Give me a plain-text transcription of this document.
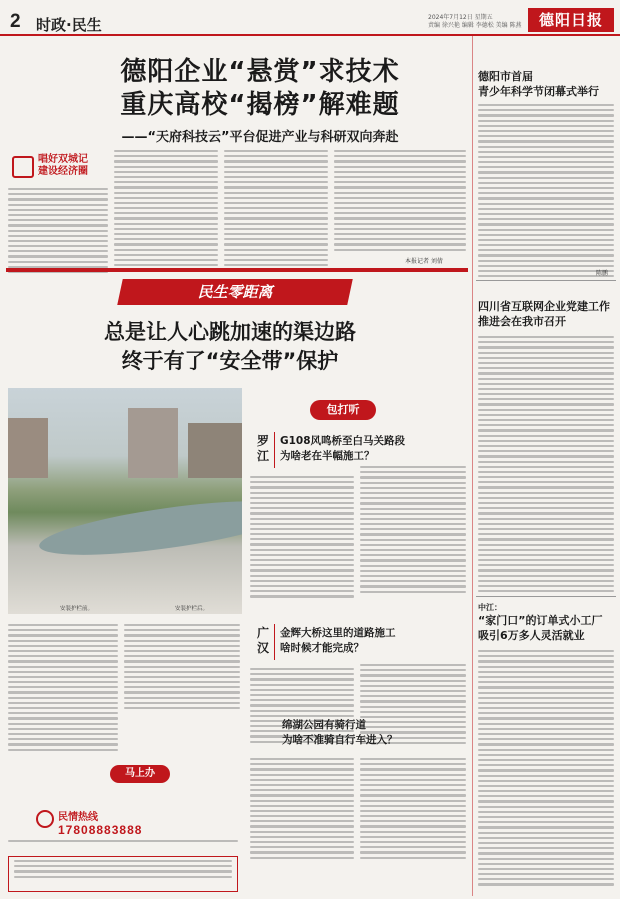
2 时政·民生	2024年7月12日 星期五
责编 徐兴艳 编辑 李德松 美编 陈燕	德阳日报
德阳企业“悬赏”求技术
重庆高校“揭榜”解难题
——“天府科技云”平台促进产业与科研双向奔赴
唱好双城记
建设经济圈
本报记者 刘倩
民生零距离
总是让人心跳加速的渠边路
终于有了“安全带”保护
安装护栏前。	安装护栏后。
马上办
民情热线
17808883888
包打听
罗江
G108风鸣桥至白马关路段
为啥老在半幅施工？
广汉
金辉大桥这里的道路施工
啥时候才能完成？
绵湖公园有骑行道
为啥不准骑自行车进入？
德阳市首届
青少年科学节闭幕式举行
陈鹏
四川省互联网企业党建工作
推进会在我市召开
中江：
“家门口”的订单式小工厂
吸引6万多人灵活就业
